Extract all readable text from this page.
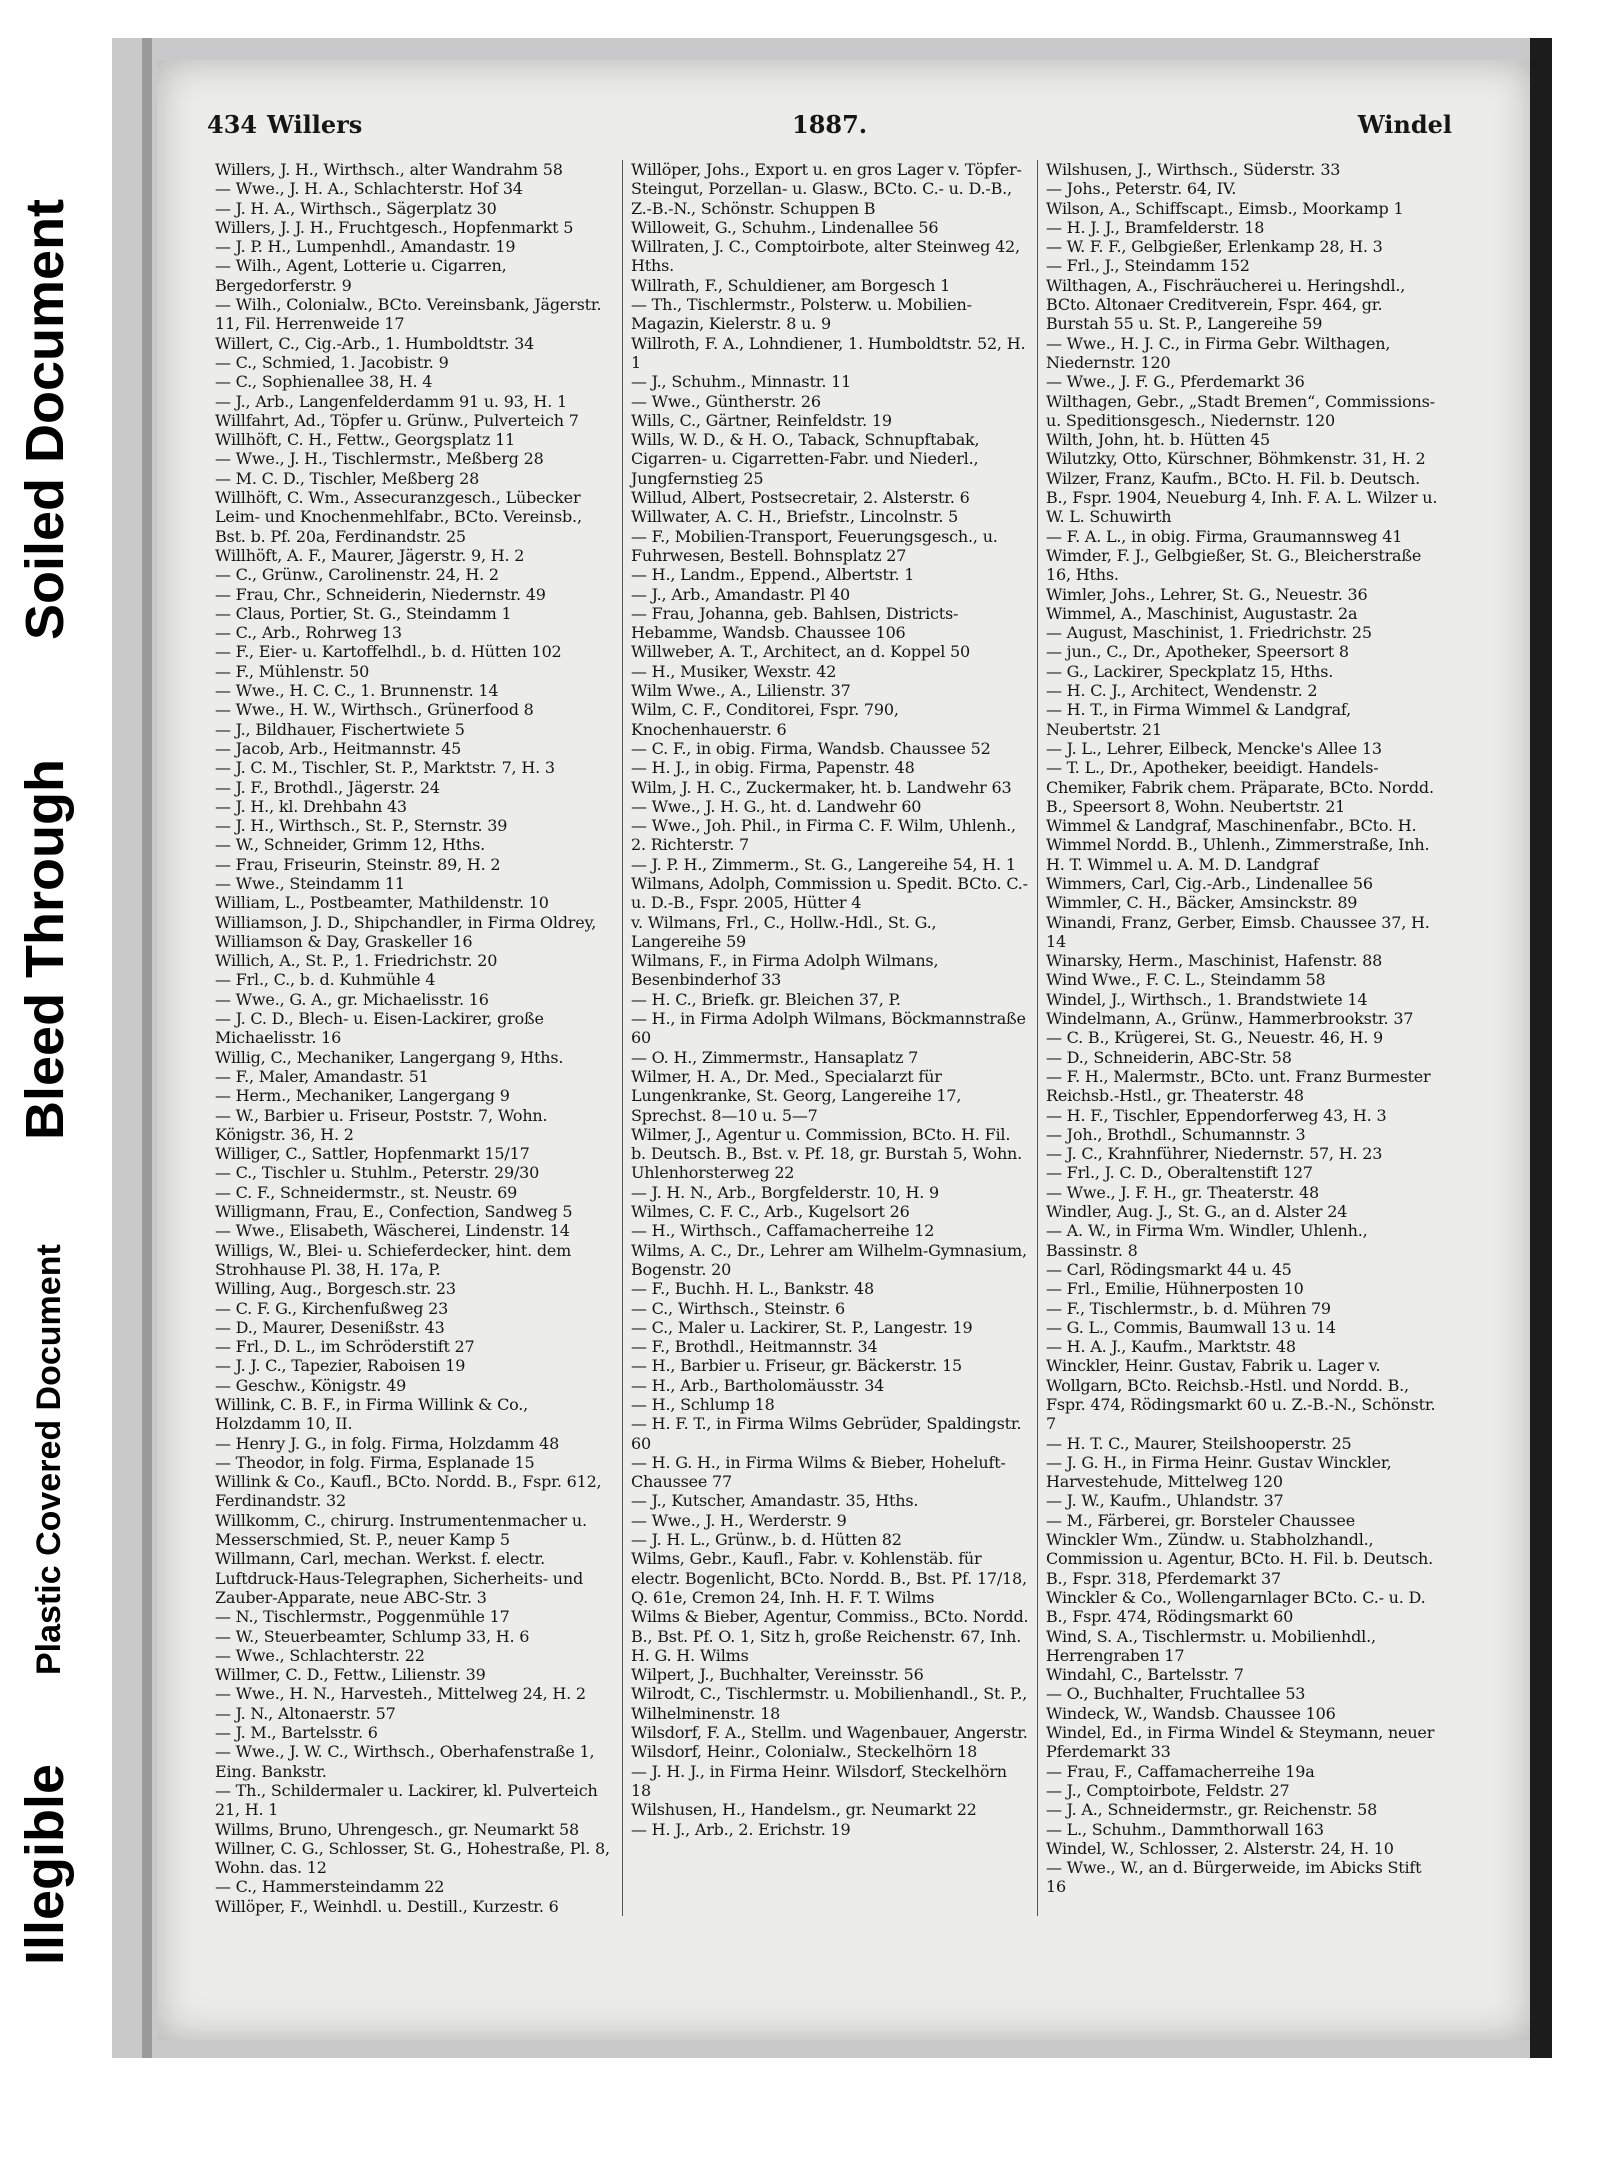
Illegible
Plastic Covered Document
Bleed Through
Soiled Document
434 Willers	1887.	Windel

Willers, J. H., Wirthsch., alter Wandrahm 58

— Wwe., J. H. A., Schlachterstr. Hof 34

— J. H. A., Wirthsch., Sägerplatz 30

Willers, J. J. H., Fruchtgesch., Hopfenmarkt 5

— J. P. H., Lumpenhdl., Amandastr. 19

— Wilh., Agent, Lotterie u. Cigarren, Bergedorferstr. 9

— Wilh., Colonialw., BCto. Vereinsbank, Jägerstr. 11, Fil. Herrenweide 17

Willert, C., Cig.-Arb., 1. Humboldtstr. 34

— C., Schmied, 1. Jacobistr. 9

— C., Sophienallee 38, H. 4

— J., Arb., Langenfelderdamm 91 u. 93, H. 1

Willfahrt, Ad., Töpfer u. Grünw., Pulverteich 7

Willhöft, C. H., Fettw., Georgsplatz 11

— Wwe., J. H., Tischlermstr., Meßberg 28

— M. C. D., Tischler, Meßberg 28

Willhöft, C. Wm., Assecuranzgesch., Lübecker Leim- und Knochenmehlfabr., BCto. Vereinsb., Bst. b. Pf. 20a, Ferdinandstr. 25

Willhöft, A. F., Maurer, Jägerstr. 9, H. 2

— C., Grünw., Carolinenstr. 24, H. 2

— Frau, Chr., Schneiderin, Niedernstr. 49

— Claus, Portier, St. G., Steindamm 1

— C., Arb., Rohrweg 13

— F., Eier- u. Kartoffelhdl., b. d. Hütten 102

— F., Mühlenstr. 50

— Wwe., H. C. C., 1. Brunnenstr. 14

— Wwe., H. W., Wirthsch., Grünerfood 8

— J., Bildhauer, Fischertwiete 5

— Jacob, Arb., Heitmannstr. 45

— J. C. M., Tischler, St. P., Marktstr. 7, H. 3

— J. F., Brothdl., Jägerstr. 24

— J. H., kl. Drehbahn 43

— J. H., Wirthsch., St. P., Sternstr. 39

— W., Schneider, Grimm 12, Hths.

— Frau, Friseurin, Steinstr. 89, H. 2

— Wwe., Steindamm 11

William, L., Postbeamter, Mathildenstr. 10

Williamson, J. D., Shipchandler, in Firma Oldrey, Williamson & Day, Graskeller 16

Willich, A., St. P., 1. Friedrichstr. 20

— Frl., C., b. d. Kuhmühle 4

— Wwe., G. A., gr. Michaelisstr. 16

— J. C. D., Blech- u. Eisen-Lackirer, große Michaelisstr. 16

Willig, C., Mechaniker, Langergang 9, Hths.

— F., Maler, Amandastr. 51

— Herm., Mechaniker, Langergang 9

— W., Barbier u. Friseur, Poststr. 7, Wohn. Königstr. 36, H. 2

Williger, C., Sattler, Hopfenmarkt 15/17

— C., Tischler u. Stuhlm., Peterstr. 29/30

— C. F., Schneidermstr., st. Neustr. 69

Willigmann, Frau, E., Confection, Sandweg 5

— Wwe., Elisabeth, Wäscherei, Lindenstr. 14

Willigs, W., Blei- u. Schieferdecker, hint. dem Strohhause Pl. 38, H. 17a, P.

Willing, Aug., Borgesch.str. 23

— C. F. G., Kirchenfußweg 23

— D., Maurer, Desenißstr. 43

— Frl., D. L., im Schröderstift 27

— J. J. C., Tapezier, Raboisen 19

— Geschw., Königstr. 49

Willink, C. B. F., in Firma Willink & Co., Holzdamm 10, II.

— Henry J. G., in folg. Firma, Holzdamm 48

— Theodor, in folg. Firma, Esplanade 15

Willink & Co., Kaufl., BCto. Nordd. B., Fspr. 612, Ferdinandstr. 32

Willkomm, C., chirurg. Instrumentenmacher u. Messerschmied, St. P., neuer Kamp 5

Willmann, Carl, mechan. Werkst. f. electr. Luftdruck-Haus-Telegraphen, Sicherheits- und Zauber-Apparate, neue ABC-Str. 3

— N., Tischlermstr., Poggenmühle 17

— W., Steuerbeamter, Schlump 33, H. 6

— Wwe., Schlachterstr. 22

Willmer, C. D., Fettw., Lilienstr. 39

— Wwe., H. N., Harvesteh., Mittelweg 24, H. 2

— J. N., Altonaerstr. 57

— J. M., Bartelsstr. 6

— Wwe., J. W. C., Wirthsch., Oberhafenstraße 1, Eing. Bankstr.

— Th., Schildermaler u. Lackirer, kl. Pulverteich 21, H. 1

Willms, Bruno, Uhrengesch., gr. Neumarkt 58

Willner, C. G., Schlosser, St. G., Hohestraße, Pl. 8, Wohn. das. 12

— C., Hammersteindamm 22

Willöper, F., Weinhdl. u. Destill., Kurzestr. 6

Willöper, Johs., Export u. en gros Lager v. Töpfer-Steingut, Porzellan- u. Glasw., BCto. C.- u. D.-B., Z.-B.-N., Schönstr. Schuppen B

Willoweit, G., Schuhm., Lindenallee 56

Willraten, J. C., Comptoirbote, alter Steinweg 42, Hths.

Willrath, F., Schuldiener, am Borgesch 1

— Th., Tischlermstr., Polsterw. u. Mobilien-Magazin, Kielerstr. 8 u. 9

Willroth, F. A., Lohndiener, 1. Humboldtstr. 52, H. 1

— J., Schuhm., Minnastr. 11

— Wwe., Güntherstr. 26

Wills, C., Gärtner, Reinfeldstr. 19

Wills, W. D., & H. O., Taback, Schnupftabak, Cigarren- u. Cigarretten-Fabr. und Niederl., Jungfernstieg 25

Willud, Albert, Postsecretair, 2. Alsterstr. 6

Willwater, A. C. H., Briefstr., Lincolnstr. 5

— F., Mobilien-Transport, Feuerungsgesch., u. Fuhrwesen, Bestell. Bohnsplatz 27

— H., Landm., Eppend., Albertstr. 1

— J., Arb., Amandastr. Pl 40

— Frau, Johanna, geb. Bahlsen, Districts-Hebamme, Wandsb. Chaussee 106

Willweber, A. T., Architect, an d. Koppel 50

— H., Musiker, Wexstr. 42

Wilm Wwe., A., Lilienstr. 37

Wilm, C. F., Conditorei, Fspr. 790, Knochenhauerstr. 6

— C. F., in obig. Firma, Wandsb. Chaussee 52

— H. J., in obig. Firma, Papenstr. 48

Wilm, J. H. C., Zuckermaker, ht. b. Landwehr 63

— Wwe., J. H. G., ht. d. Landwehr 60

— Wwe., Joh. Phil., in Firma C. F. Wilm, Uhlenh., 2. Richterstr. 7

— J. P. H., Zimmerm., St. G., Langereihe 54, H. 1

Wilmans, Adolph, Commission u. Spedit. BCto. C.- u. D.-B., Fspr. 2005, Hütter 4

v. Wilmans, Frl., C., Hollw.-Hdl., St. G., Langereihe 59

Wilmans, F., in Firma Adolph Wilmans, Besenbinderhof 33

— H. C., Briefk. gr. Bleichen 37, P.

— H., in Firma Adolph Wilmans, Böckmannstraße 60

— O. H., Zimmermstr., Hansaplatz 7

Wilmer, H. A., Dr. Med., Specialarzt für Lungenkranke, St. Georg, Langereihe 17, Sprechst. 8—10 u. 5—7

Wilmer, J., Agentur u. Commission, BCto. H. Fil. b. Deutsch. B., Bst. v. Pf. 18, gr. Burstah 5, Wohn. Uhlenhorsterweg 22

— J. H. N., Arb., Borgfelderstr. 10, H. 9

Wilmes, C. F. C., Arb., Kugelsort 26

— H., Wirthsch., Caffamacherreihe 12

Wilms, A. C., Dr., Lehrer am Wilhelm-Gymnasium, Bogenstr. 20

— F., Buchh. H. L., Bankstr. 48

— C., Wirthsch., Steinstr. 6

— C., Maler u. Lackirer, St. P., Langestr. 19

— F., Brothdl., Heitmannstr. 34

— H., Barbier u. Friseur, gr. Bäckerstr. 15

— H., Arb., Bartholomäusstr. 34

— H., Schlump 18

— H. F. T., in Firma Wilms Gebrüder, Spaldingstr. 60

— H. G. H., in Firma Wilms & Bieber, Hoheluft-Chaussee 77

— J., Kutscher, Amandastr. 35, Hths.

— Wwe., J. H., Werderstr. 9

— J. H. L., Grünw., b. d. Hütten 82

Wilms, Gebr., Kaufl., Fabr. v. Kohlenstäb. für electr. Bogenlicht, BCto. Nordd. B., Bst. Pf. 17/18, Q. 61e, Cremon 24, Inh. H. F. T. Wilms

Wilms & Bieber, Agentur, Commiss., BCto. Nordd. B., Bst. Pf. O. 1, Sitz h, große Reichenstr. 67, Inh. H. G. H. Wilms

Wilpert, J., Buchhalter, Vereinsstr. 56

Wilrodt, C., Tischlermstr. u. Mobilienhandl., St. P., Wilhelminenstr. 18

Wilsdorf, F. A., Stellm. und Wagenbauer, Angerstr.

Wilsdorf, Heinr., Colonialw., Steckelhörn 18

— J. H. J., in Firma Heinr. Wilsdorf, Steckelhörn 18

Wilshusen, H., Handelsm., gr. Neumarkt 22

— H. J., Arb., 2. Erichstr. 19

Wilshusen, J., Wirthsch., Süderstr. 33

— Johs., Peterstr. 64, IV.

Wilson, A., Schiffscapt., Eimsb., Moorkamp 1

— H. J. J., Bramfelderstr. 18

— W. F. F., Gelbgießer, Erlenkamp 28, H. 3

— Frl., J., Steindamm 152

Wilthagen, A., Fischräucherei u. Heringshdl., BCto. Altonaer Creditverein, Fspr. 464, gr. Burstah 55 u. St. P., Langereihe 59

— Wwe., H. J. C., in Firma Gebr. Wilthagen, Niedernstr. 120

— Wwe., J. F. G., Pferdemarkt 36

Wilthagen, Gebr., „Stadt Bremen“, Commissions- u. Speditionsgesch., Niedernstr. 120

Wilth, John, ht. b. Hütten 45

Wilutzky, Otto, Kürschner, Böhmkenstr. 31, H. 2

Wilzer, Franz, Kaufm., BCto. H. Fil. b. Deutsch. B., Fspr. 1904, Neueburg 4, Inh. F. A. L. Wilzer u. W. L. Schuwirth

— F. A. L., in obig. Firma, Graumannsweg 41

Wimder, F. J., Gelbgießer, St. G., Bleicherstraße 16, Hths.

Wimler, Johs., Lehrer, St. G., Neuestr. 36

Wimmel, A., Maschinist, Augustastr. 2a

— August, Maschinist, 1. Friedrichstr. 25

— jun., C., Dr., Apotheker, Speersort 8

— G., Lackirer, Speckplatz 15, Hths.

— H. C. J., Architect, Wendenstr. 2

— H. T., in Firma Wimmel & Landgraf, Neubertstr. 21

— J. L., Lehrer, Eilbeck, Mencke's Allee 13

— T. L., Dr., Apotheker, beeidigt. Handels-Chemiker, Fabrik chem. Präparate, BCto. Nordd. B., Speersort 8, Wohn. Neubertstr. 21

Wimmel & Landgraf, Maschinenfabr., BCto. H. Wimmel Nordd. B., Uhlenh., Zimmerstraße, Inh. H. T. Wimmel u. A. M. D. Landgraf

Wimmers, Carl, Cig.-Arb., Lindenallee 56

Wimmler, C. H., Bäcker, Amsinckstr. 89

Winandi, Franz, Gerber, Eimsb. Chaussee 37, H. 14

Winarsky, Herm., Maschinist, Hafenstr. 88

Wind Wwe., F. C. L., Steindamm 58

Windel, J., Wirthsch., 1. Brandstwiete 14

Windelmann, A., Grünw., Hammerbrookstr. 37

— C. B., Krügerei, St. G., Neuestr. 46, H. 9

— D., Schneiderin, ABC-Str. 58

— F. H., Malermstr., BCto. unt. Franz Burmester Reichsb.-Hstl., gr. Theaterstr. 48

— H. F., Tischler, Eppendorferweg 43, H. 3

— Joh., Brothdl., Schumannstr. 3

— J. C., Krahnführer, Niedernstr. 57, H. 23

— Frl., J. C. D., Oberaltenstift 127

— Wwe., J. F. H., gr. Theaterstr. 48

Windler, Aug. J., St. G., an d. Alster 24

— A. W., in Firma Wm. Windler, Uhlenh., Bassinstr. 8

— Carl, Rödingsmarkt 44 u. 45

— Frl., Emilie, Hühnerposten 10

— F., Tischlermstr., b. d. Mühren 79

— G. L., Commis, Baumwall 13 u. 14

— H. A. J., Kaufm., Marktstr. 48

Winckler, Heinr. Gustav, Fabrik u. Lager v. Wollgarn, BCto. Reichsb.-Hstl. und Nordd. B., Fspr. 474, Rödingsmarkt 60 u. Z.-B.-N., Schönstr. 7

— H. T. C., Maurer, Steilshooperstr. 25

— J. G. H., in Firma Heinr. Gustav Winckler, Harvestehude, Mittelweg 120

— J. W., Kaufm., Uhlandstr. 37

— M., Färberei, gr. Borsteler Chaussee

Winckler Wm., Zündw. u. Stabholzhandl., Commission u. Agentur, BCto. H. Fil. b. Deutsch. B., Fspr. 318, Pferdemarkt 37

Winckler & Co., Wollengarnlager BCto. C.- u. D. B., Fspr. 474, Rödingsmarkt 60

Wind, S. A., Tischlermstr. u. Mobilienhdl., Herrengraben 17

Windahl, C., Bartelsstr. 7

— O., Buchhalter, Fruchtallee 53

Windeck, W., Wandsb. Chaussee 106

Windel, Ed., in Firma Windel & Steymann, neuer Pferdemarkt 33

— Frau, F., Caffamacherreihe 19a

— J., Comptoirbote, Feldstr. 27

— J. A., Schneidermstr., gr. Reichenstr. 58

— L., Schuhm., Dammthorwall 163

Windel, W., Schlosser, 2. Alsterstr. 24, H. 10

— Wwe., W., an d. Bürgerweide, im Abicks Stift 16
